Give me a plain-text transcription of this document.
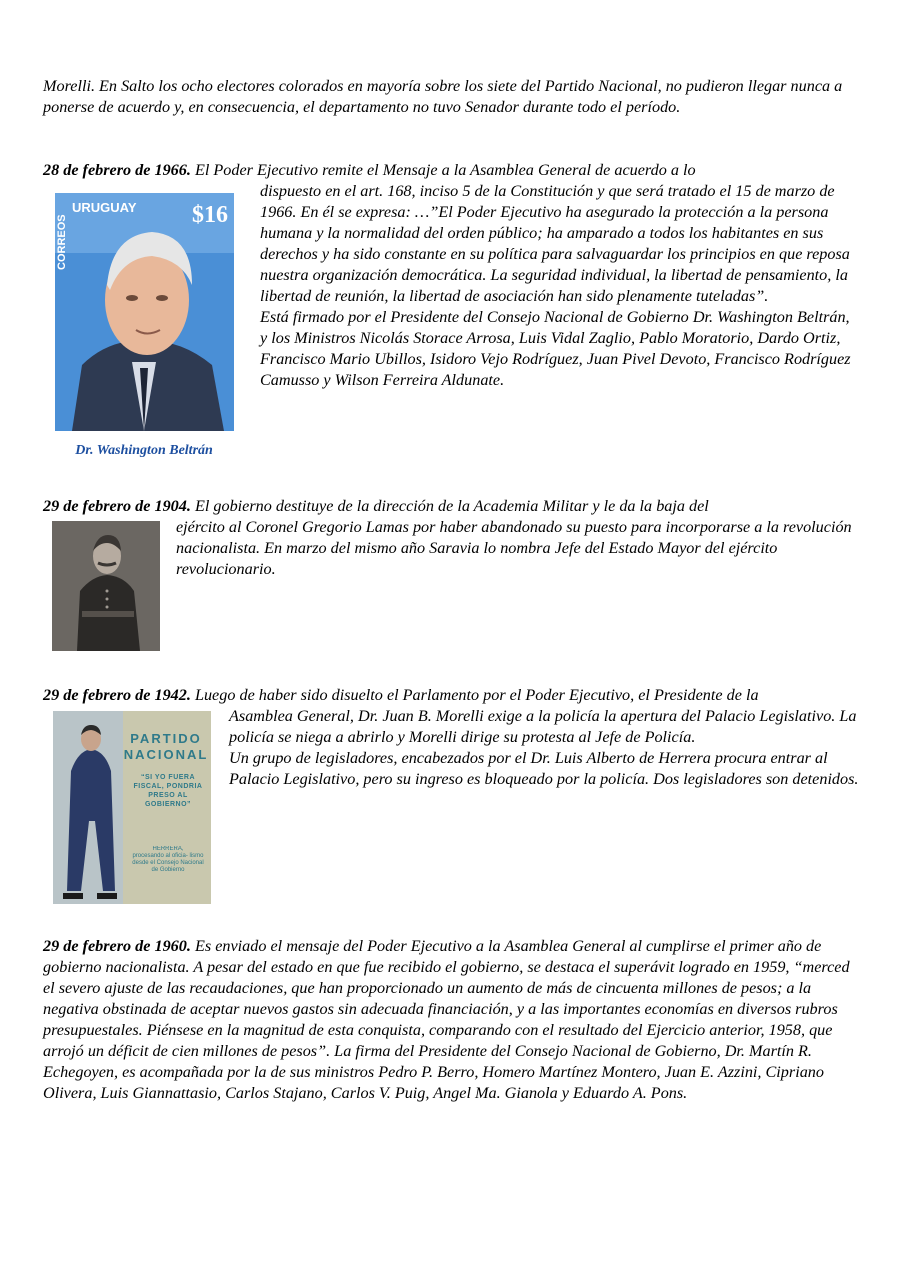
Morelli. En Salto los ocho electores colorados en mayoría sobre los siete del Partido Nacional, no pudieron llegar nunca a ponerse de acuerdo y, en consecuencia, el departamento no tuvo Senador durante todo el período.

28 de febrero de 1966. El Poder Ejecutivo remite el Mensaje a la Asamblea General de acuerdo a lo

dispuesto en el art. 168, inciso 5 de la Constitución y que será tratado el 15 de marzo de 1966. En él se expresa: …”El Poder Ejecutivo ha asegurado la protección a la persona humana y la normalidad del orden público; ha amparado a todos los habitantes en sus derechos y ha sido constante en su política para salvaguardar los principios en que reposa nuestra organización democrática. La seguridad individual, la libertad de pensamiento, la libertad de reunión, la libertad de asociación han sido plenamente tuteladas”.

Está firmado por el Presidente del Consejo Nacional de Gobierno Dr. Washington Beltrán, y los Ministros Nicolás Storace Arrosa, Luis Vidal Zaglio, Pablo Moratorio, Dardo Ortiz, Francisco Mario Ubillos, Isidoro Vejo Rodríguez, Juan Pivel Devoto, Francisco Rodríguez Camusso y Wilson Ferreira Aldunate.

URUGUAY $16
CORREOS
Dr. Washington Beltrán
29 de febrero de 1904. El gobierno destituye de la dirección de la Academia Militar y le da la baja del

ejército al Coronel Gregorio Lamas por haber abandonado su puesto para incorporarse a la revolución nacionalista. En marzo del mismo año Saravia lo nombra Jefe del Estado Mayor del ejército revolucionario.

29 de febrero de 1942. Luego de haber sido disuelto el Parlamento por el Poder Ejecutivo, el Presidente de la

Asamblea General, Dr. Juan B. Morelli exige a la policía la apertura del Palacio Legislativo. La policía se niega a abrirlo y Morelli dirige su protesta al Jefe de Policía.

Un grupo de legisladores, encabezados por el Dr. Luis Alberto de Herrera procura entrar al Palacio Legislativo, pero su ingreso es bloqueado por la policía. Dos legisladores son detenidos.

PARTIDO
NACIONAL
“SI YO FUERA FISCAL, PONDRIA PRESO AL GOBIERNO”
HERRERA,
procesando al oficia- lismo desde el Consejo Nacional de Gobierno

29 de febrero de 1960. Es enviado el mensaje del Poder Ejecutivo a la Asamblea General al cumplirse el primer año de gobierno nacionalista. A pesar del estado en que fue recibido el gobierno, se destaca el superávit logrado en 1959, “merced el severo ajuste de las recaudaciones, que han proporcionado un aumento de más de cincuenta millones de pesos; a la negativa obstinada de aceptar nuevos gastos sin adecuada financiación, y a las importantes economías en diversos rubros presupuestales. Piénsese en la magnitud de esta conquista, comparando con el resultado del Ejercicio anterior, 1958, que arrojó un déficit de cien millones de pesos”. La firma del Presidente del Consejo Nacional de Gobierno, Dr. Martín R. Echegoyen, es acompañada por la de sus ministros Pedro P. Berro, Homero Martínez Montero, Juan E. Azzini, Cipriano Olivera, Luis Giannattasio, Carlos Stajano, Carlos V. Puig, Angel Ma. Gianola y Eduardo A. Pons.
